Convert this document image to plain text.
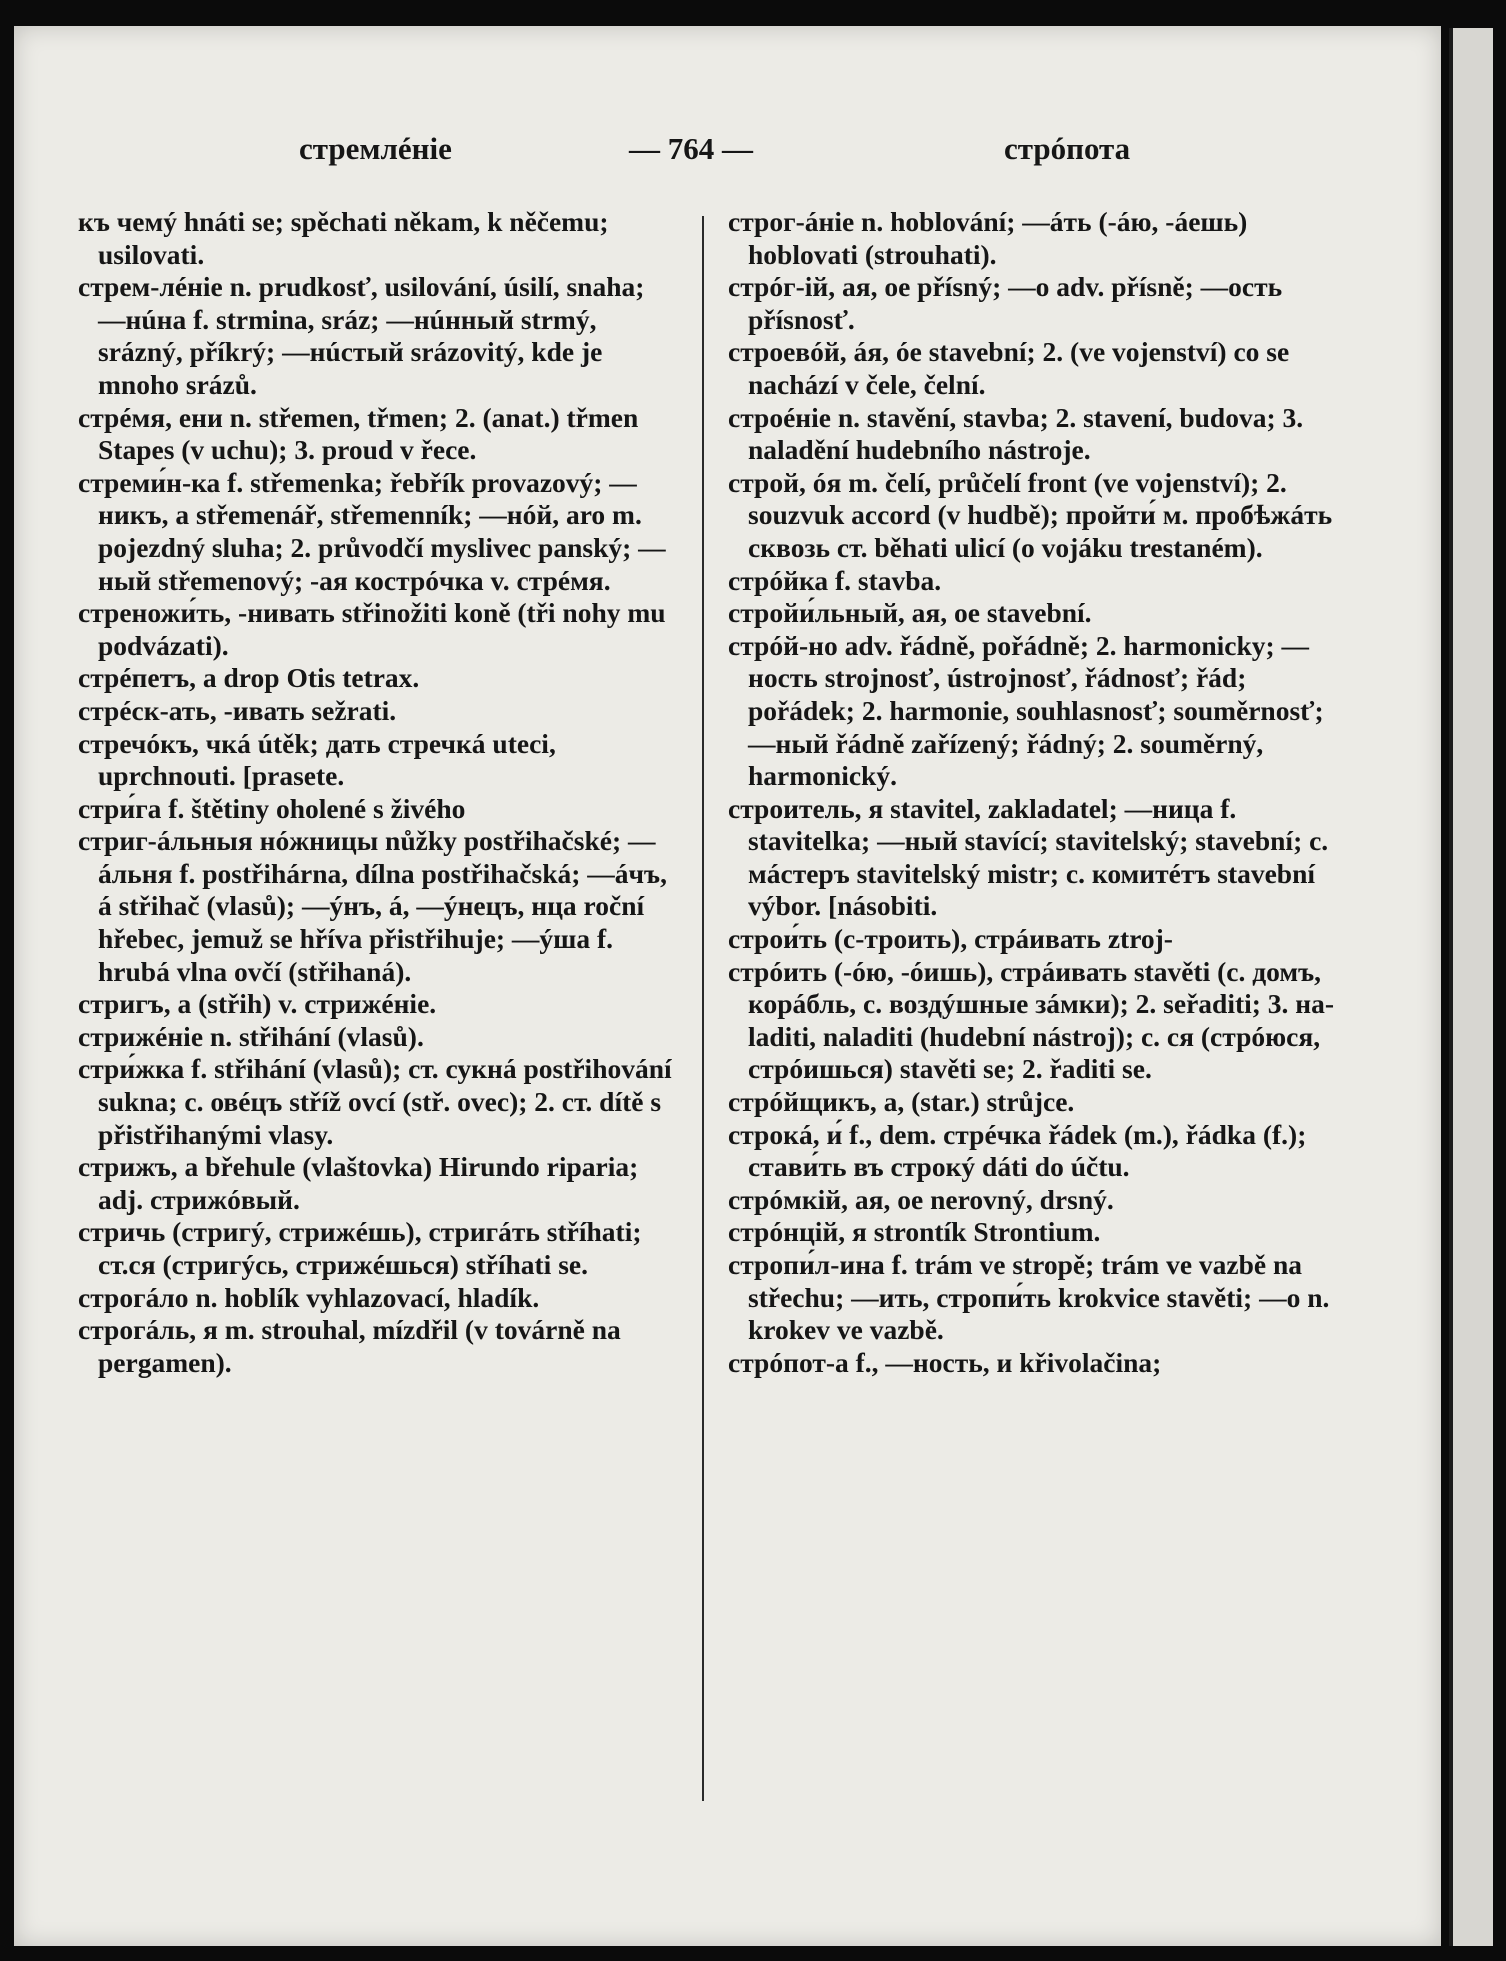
стремлéніе	— 764 —	стрóпота
къ чемý hnáti se; spěchati někam, k něčemu; usilovati.
стрем-лéніе n. prudkosť, usilování, úsilí, snaha; —нúна f. strmina, sráz; —нúнный strmý, srázný, příkrý; —нúстый srázovitý, kde je mnoho srázů.
стрéмя, ени n. střemen, třmen; 2. (anat.) třmen Stapes (v uchu); 3. proud v řece.
стреми́н-ка f. střemenka; řebřík provazový; —никъ, a střemenář, střemenník; —нóй, aro m. pojezdný sluha; 2. průvodčí myslivec panský; —ный střemenový; -ая кострóчка v. стрéмя.
стреножи́ть, -нивать střinožiti koně (tři nohy mu podvázati).
стрéпетъ, a drop Otis tetrax.
стрéск-ать, -ивать sežrati.
стречóкъ, чкá útěk; дать стречкá uteci, uprchnouti. [prasete.
стри́га f. štětiny oholené s živého
стриг-áльныя нóжницы nůžky postřihačské; —áльня f. postřihárna, dílna postřihačská; —áчъ, á střihač (vlasů); —ýнъ, á, —ýнецъ, нца roční hřebec, jemuž se hříva přistřihuje; —ýша f. hrubá vlna ovčí (střihaná).
стригъ, a (střih) v. стрижéніе.
стрижéніе n. střihání (vlasů).
стри́жка f. střihání (vlasů); ст. сукнá postřihování sukna; с. овéцъ stříž ovcí (stř. ovec); 2. ст. dítě s přistřihanými vlasy.
стрижъ, a břehule (vlaštovka) Hirundo riparia; adj. стрижóвый.
стричь (стригý, стрижéшь), стригáть stříhati; ст.ся (стригýсь, стрижéшься) stříhati se.
строгáло n. hoblík vyhlazovací, hladík.
строгáль, я m. strouhal, mízdřil (v továrně na pergamen).
строг-áніе n. hoblování; —áть (-áю, -áешь) hoblovati (strouhati).
стрóг-ій, ая, ое přísný; —о adv. přísně; —ость přísnosť.
строевóй, áя, óе stavební; 2. (ve vojenství) co se nachází v čele, čelní.
строéніе n. stavění, stavba; 2. stavení, budova; 3. naladění hudebního nástroje.
строй, óя m. čelí, průčelí front (ve vojenství); 2. souzvuk accord (v hudbě); пройти́ м. пробѣжáть сквозь ст. běhati ulicí (o vojáku trestaném).
стрóйка f. stavba.
стройи́льный, ая, ое stavební.
стрóй-но adv. řádně, pořádně; 2. harmonicky; —ность strojnosť, ústrojnosť, řádnosť; řád; pořádek; 2. harmonie, souhlasnosť; souměrnosť; —ный řádně zařízený; řádný; 2. souměrný, harmonický.
строитель, я stavitel, zakladatel; —ница f. stavitelka; —ный stavící; stavitelský; stavební; с. мáстеръ stavitelský mistr; с. комитéтъ stavební výbor. [násobiti.
строи́ть (с-троить), стрáивать ztroj-
стрóить (-óю, -óишь), стрáивать stavěti (с. домъ, корáбль, с. воздýшные зáмки); 2. seřaditi; 3. на- laditi, naladiti (hudební nástroj); с. ся (стрóюся, стрóишься) stavěti se; 2. řaditi se.
стрóйщикъ, a, (star.) strůjce.
строкá, и́ f., dem. стрéчка řádek (m.), řádka (f.); стави́ть въ строкý dáti do účtu.
стрóмкій, ая, ое nerovný, drsný.
стрóнцій, я strontík Strontium.
стропи́л-ина f. trám ve stropě; trám ve vazbě na střechu; —ить, стропи́ть krokvice stavěti; —о n. krokev ve vazbě.
стрóпот-а f., —ность, и křivolačina;
